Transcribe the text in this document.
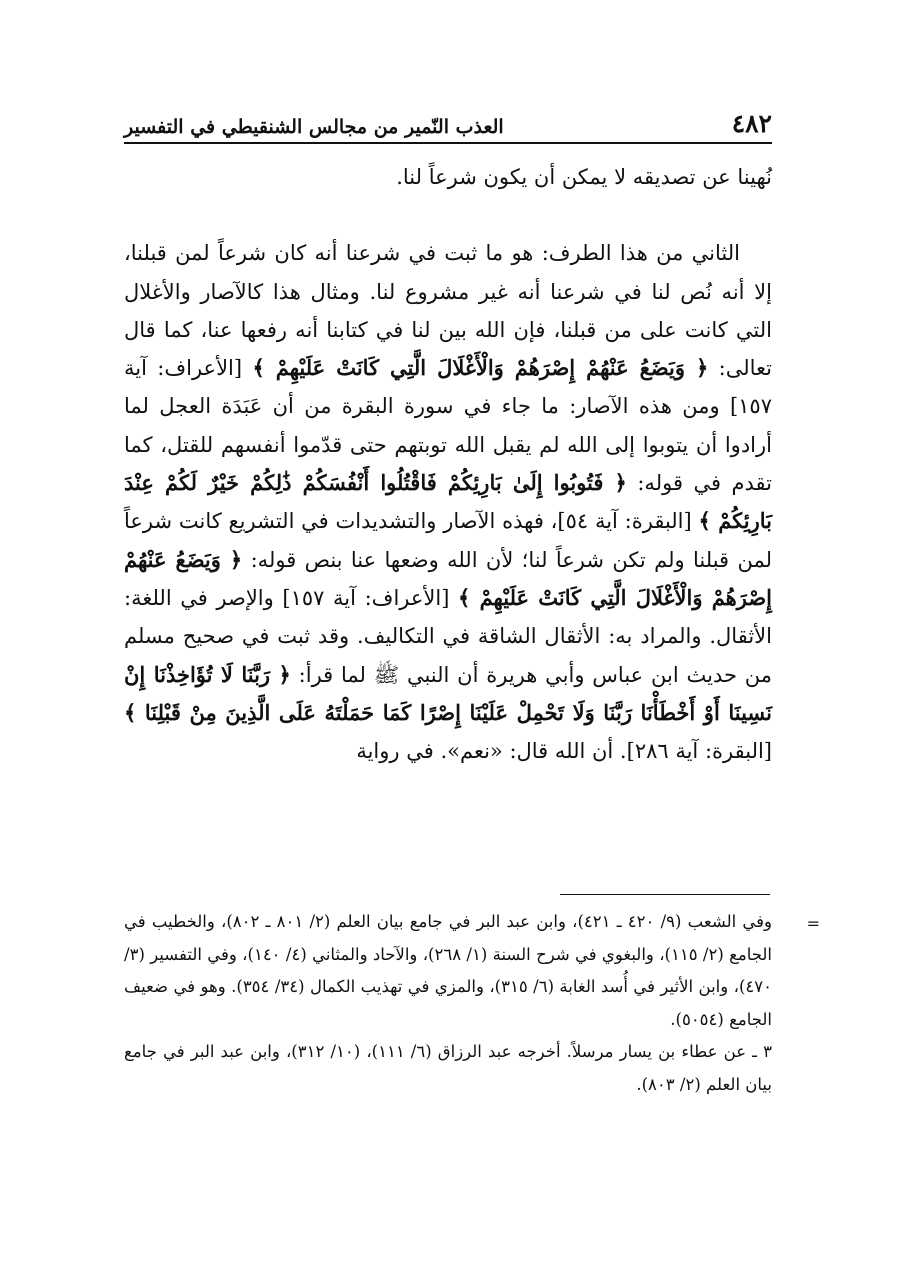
٤٨٢
العذب النّمير من مجالس الشنقيطي في التفسير

نُهينا عن تصديقه لا يمكن أن يكون شرعاً لنا.

الثاني من هذا الطرف: هو ما ثبت في شرعنا أنه كان شرعاً لمن قبلنا، إلا أنه نُص لنا في شرعنا أنه غير مشروع لنا. ومثال هذا كالآصار والأغلال التي كانت على من قبلنا، فإن الله بين لنا في كتابنا أنه رفعها عنا، كما قال تعالى: ﴿ وَيَضَعُ عَنْهُمْ إِصْرَهُمْ وَالْأَغْلَالَ الَّتِي كَانَتْ عَلَيْهِمْ ﴾ [الأعراف: آية ١٥٧] ومن هذه الآصار: ما جاء في سورة البقرة من أن عَبَدَة العجل لما أرادوا أن يتوبوا إلى الله لم يقبل الله توبتهم حتى قدّموا أنفسهم للقتل، كما تقدم في قوله: ﴿ فَتُوبُوا إِلَىٰ بَارِئِكُمْ فَاقْتُلُوا أَنْفُسَكُمْ ذَٰلِكُمْ خَيْرٌ لَكُمْ عِنْدَ بَارِئِكُمْ ﴾ [البقرة: آية ٥٤]، فهذه الآصار والتشديدات في التشريع كانت شرعاً لمن قبلنا ولم تكن شرعاً لنا؛ لأن الله وضعها عنا بنص قوله: ﴿ وَيَضَعُ عَنْهُمْ إِصْرَهُمْ وَالْأَغْلَالَ الَّتِي كَانَتْ عَلَيْهِمْ ﴾ [الأعراف: آية ١٥٧] والإصر في اللغة: الأثقال. والمراد به: الأثقال الشاقة في التكاليف. وقد ثبت في صحيح مسلم من حديث ابن عباس وأبي هريرة أن النبي ﷺ لما قرأ: ﴿ رَبَّنَا لَا تُؤَاخِذْنَا إِنْ نَسِينَا أَوْ أَخْطَأْنَا رَبَّنَا وَلَا تَحْمِلْ عَلَيْنَا إِصْرًا كَمَا حَمَلْتَهُ عَلَى الَّذِينَ مِنْ قَبْلِنَا ﴾ [البقرة: آية ٢٨٦]. أن الله قال: «نعم». في رواية

=

وفي الشعب (٩/ ٤٢٠ ـ ٤٢١)، وابن عبد البر في جامع بيان العلم (٢/ ٨٠١ ـ ٨٠٢)، والخطيب في الجامع (٢/ ١١٥)، والبغوي في شرح السنة (١/ ٢٦٨)، والآحاد والمثاني (٤/ ١٤٠)، وفي التفسير (٣/ ٤٧٠)، وابن الأثير في أُسد الغابة (٦/ ٣١٥)، والمزي في تهذيب الكمال (٣٤/ ٣٥٤). وهو في ضعيف الجامع (٥٠٥٤).

٣ ـ عن عطاء بن يسار مرسلاً. أخرجه عبد الرزاق (٦/ ١١١)، (١٠/ ٣١٢)، وابن عبد البر في جامع بيان العلم (٢/ ٨٠٣).
